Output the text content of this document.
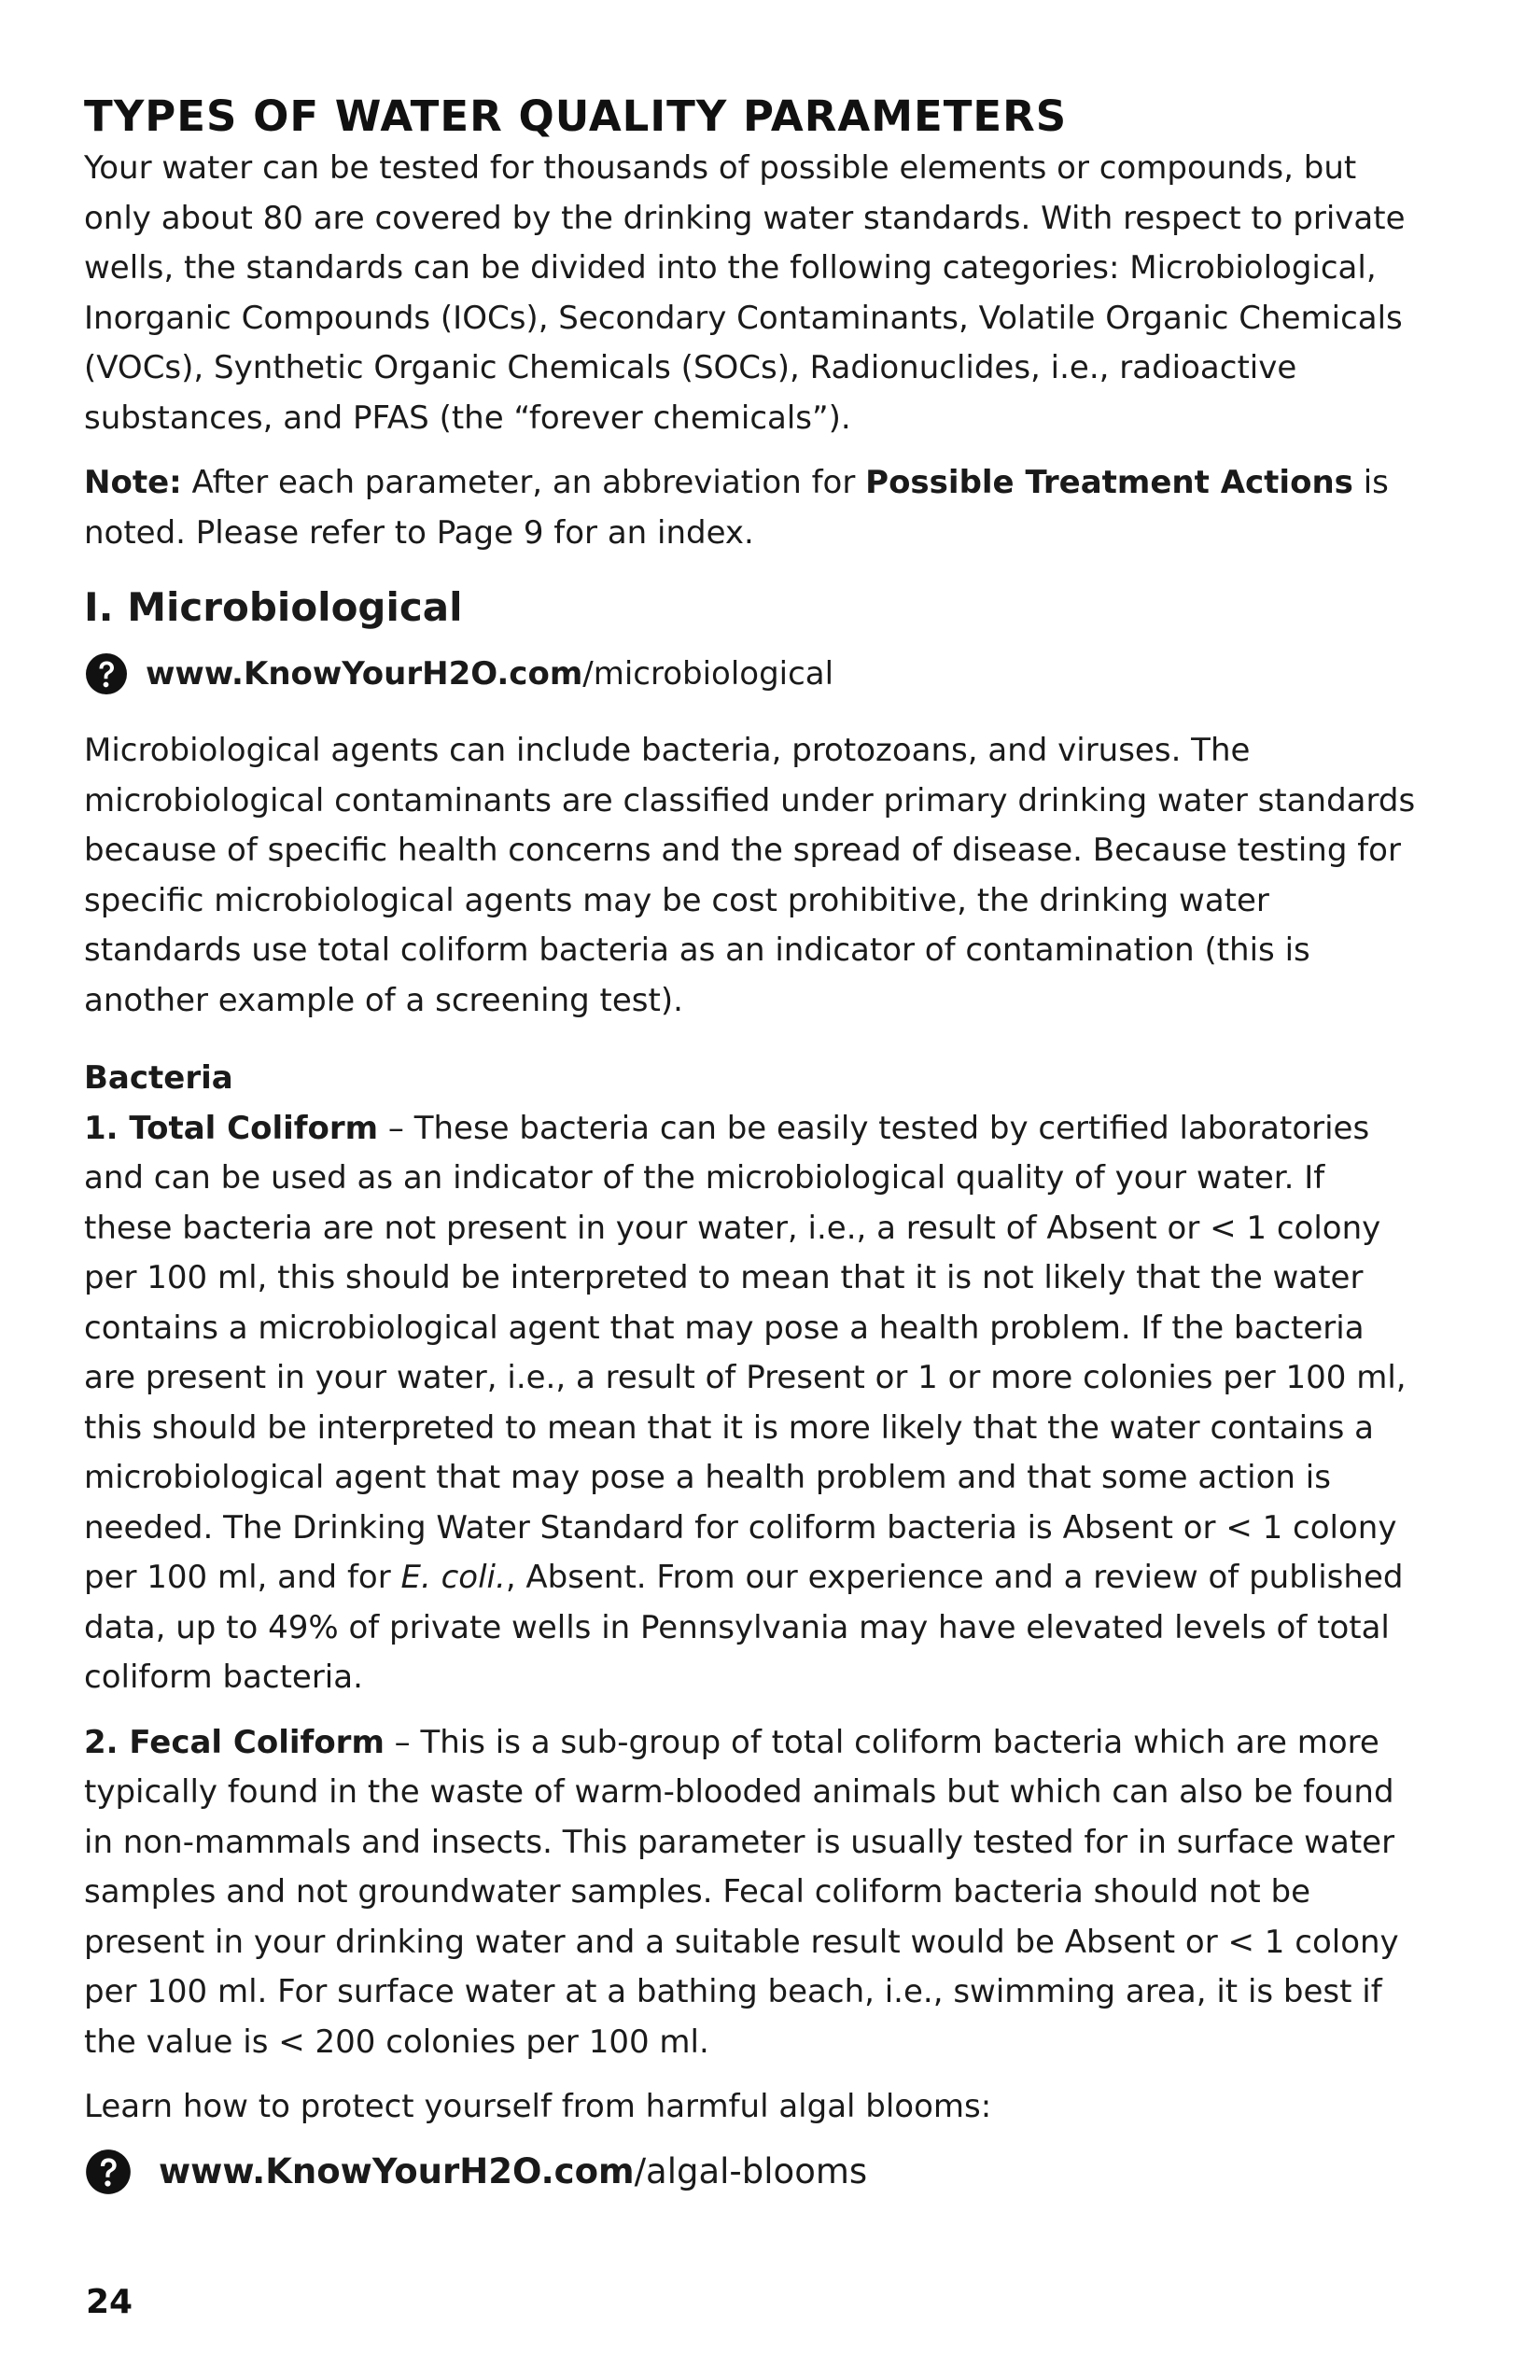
TYPES OF WATER QUALITY PARAMETERS

Your water can be tested for thousands of possible elements or compounds, but only about 80 are covered by the drinking water standards. With respect to private wells, the standards can be divided into the following categories: Microbiological, Inorganic Compounds (IOCs), Secondary Contaminants, Volatile Organic Chemicals (VOCs), Synthetic Organic Chemicals (SOCs), Radionuclides, i.e., radioactive substances, and PFAS (the “forever chemicals”).

Note: After each parameter, an abbreviation for Possible Treatment Actions is noted. Please refer to Page 9 for an index.

I. Microbiological
www.KnowYourH2O.com/microbiological

Microbiological agents can include bacteria, protozoans, and viruses. The microbiological contaminants are classified under primary drinking water standards because of specific health concerns and the spread of disease. Because testing for specific microbiological agents may be cost prohibitive, the drinking water standards use total coliform bacteria as an indicator of contamination (this is another example of a screening test).

Bacteria

1. Total Coliform – These bacteria can be easily tested by certified laboratories and can be used as an indicator of the microbiological quality of your water. If these bacteria are not present in your water, i.e., a result of Absent or < 1 colony per 100 ml, this should be interpreted to mean that it is not likely that the water contains a microbiological agent that may pose a health problem. If the bacteria are present in your water, i.e., a result of Present or 1 or more colonies per 100 ml, this should be interpreted to mean that it is more likely that the water contains a microbiological agent that may pose a health problem and that some action is needed. The Drinking Water Standard for coliform bacteria is Absent or < 1 colony per 100 ml, and for E. coli., Absent. From our experience and a review of published data, up to 49% of private wells in Pennsylvania may have elevated levels of total coliform bacteria.

2. Fecal Coliform – This is a sub-group of total coliform bacteria which are more typically found in the waste of warm-blooded animals but which can also be found in non-mammals and insects. This parameter is usually tested for in surface water samples and not groundwater samples. Fecal coliform bacteria should not be present in your drinking water and a suitable result would be Absent or < 1 colony per 100 ml. For surface water at a bathing beach, i.e., swimming area, it is best if the value is < 200 colonies per 100 ml.

Learn how to protect yourself from harmful algal blooms:

www.KnowYourH2O.com/algal-blooms
24
